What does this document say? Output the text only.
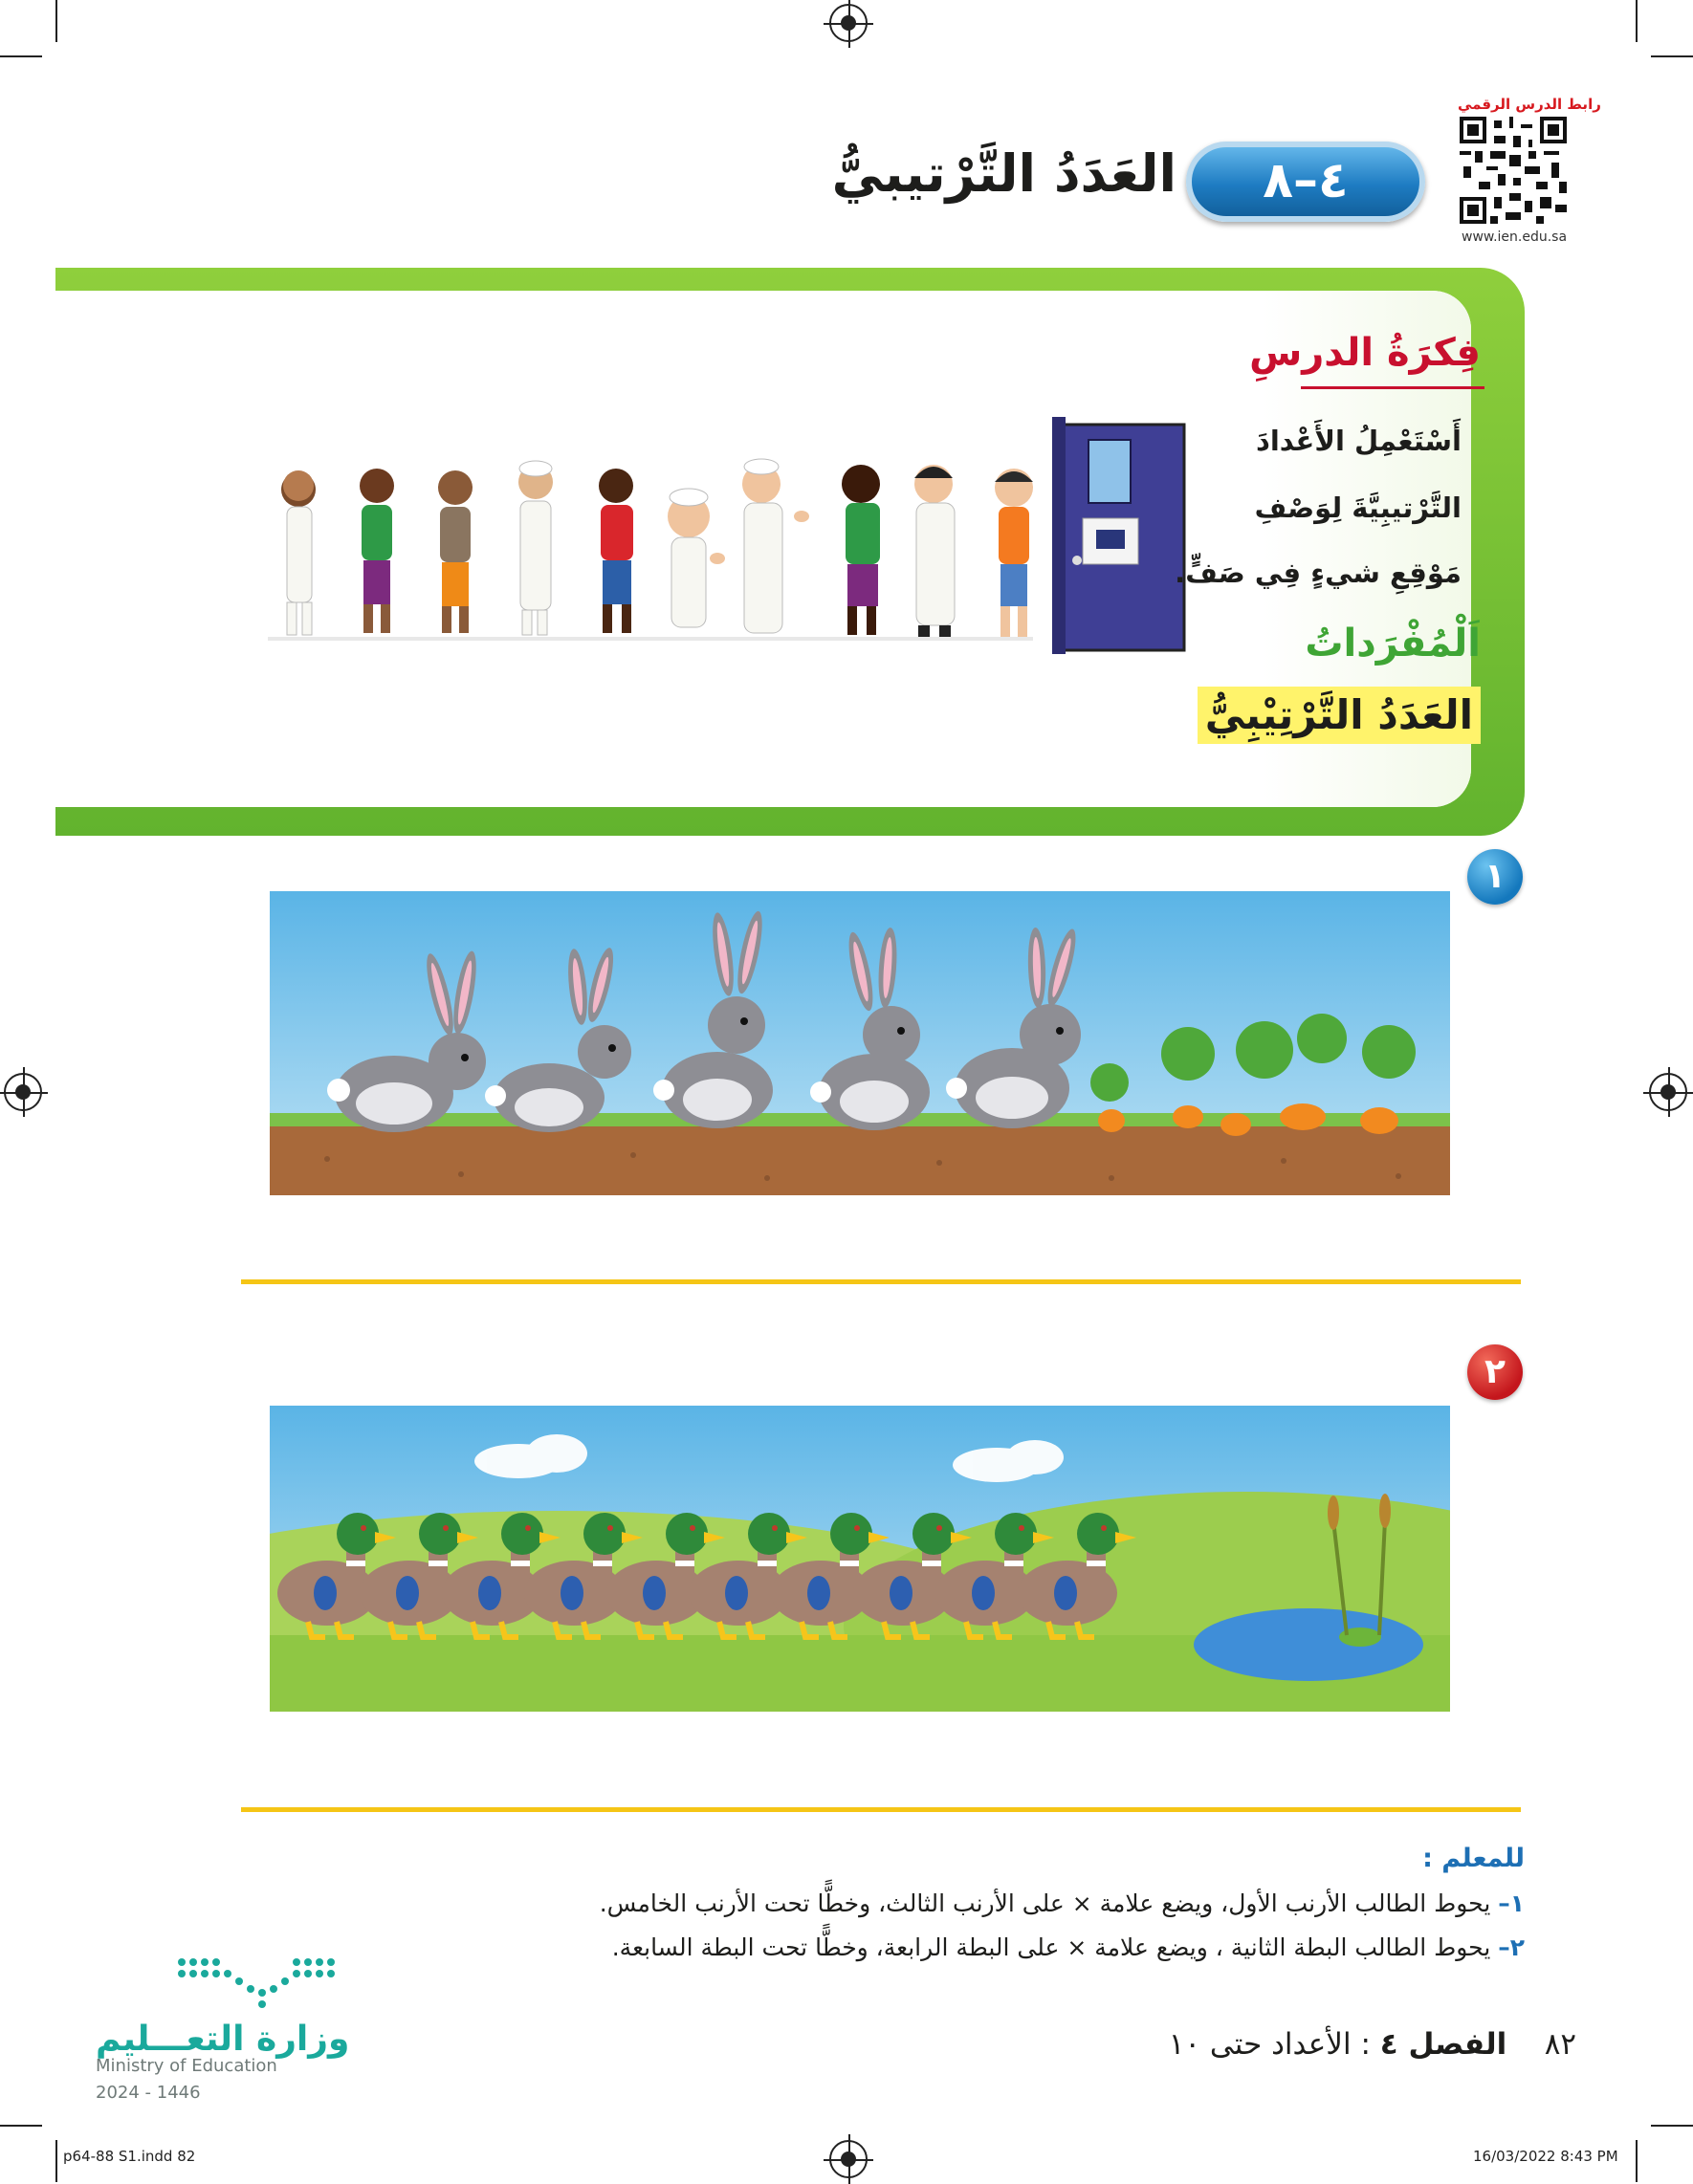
رابط الدرس الرقمي
www.ien.edu.sa
٤–٨
العَدَدُ التَّرْتيبيُّ
فِكرَةُ الدرسِ
أَسْتَعْمِلُ الأَعْدادَ
التَّرْتيبِيَّةَ لِوَصْفِ
مَوْقِعِ شيءٍ فِي صَفٍّ.
اَلْمُفْرَداتُ
العَدَدُ التَّرْتِيْبِيُّ
١
٢
للمعلم :
١– يحوط الطالب الأرنب الأول، ويضع علامة × على الأرنب الثالث، وخطًّا تحت الأرنب الخامس.
٢– يحوط الطالب البطة الثانية ، ويضع علامة × على البطة الرابعة، وخطًّا تحت البطة السابعة.
٨٢    الفصل ٤ : الأعداد حتى ١٠
وزارة التعـــليم
Ministry of Education
2024 - 1446
p64-88 S1.indd 82	16/03/2022 8:43 PM
